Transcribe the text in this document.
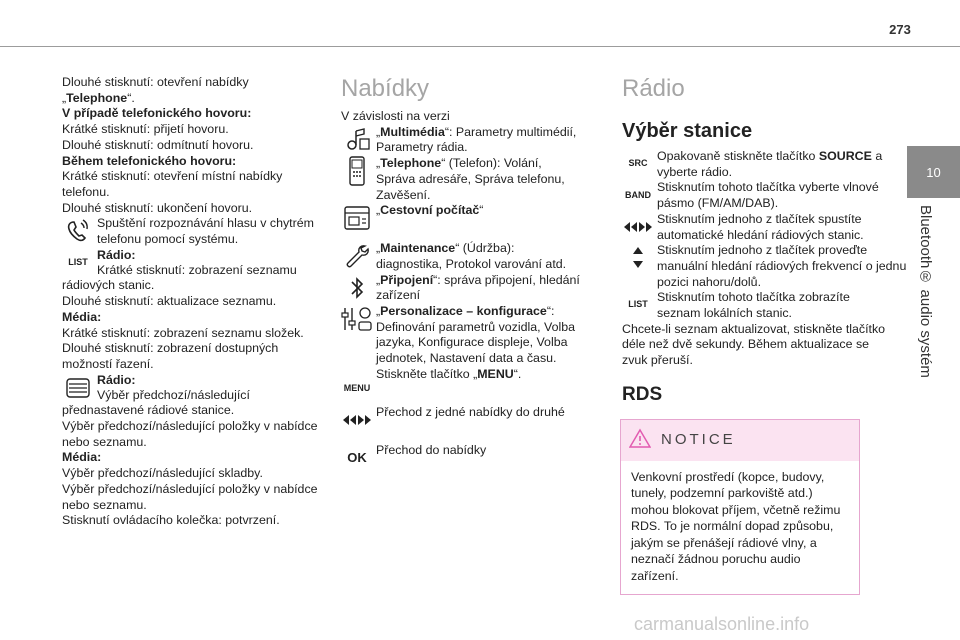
273
10
Bluetooth® audio systém

Dlouhé stisknutí: otevření nabídky „Telephone“.

V případě telefonického hovoru:

Krátké stisknutí: přijetí hovoru.

Dlouhé stisknutí: odmítnutí hovoru.

Během telefonického hovoru:

Krátké stisknutí: otevření místní nabídky telefonu.

Dlouhé stisknutí: ukončení hovoru.

Spuštění rozpoznávání hlasu v chytrém telefonu pomocí systému.

LIST

Rádio:

Krátké stisknutí: zobrazení seznamu rádiových stanic.

Dlouhé stisknutí: aktualizace seznamu.

Média:

Krátké stisknutí: zobrazení seznamu složek.

Dlouhé stisknutí: zobrazení dostupných možností řazení.

Rádio:

Výběr předchozí/následující přednastavené rádiové stanice.

Výběr předchozí/následující položky v nabídce nebo seznamu.

Média:

Výběr předchozí/následující skladby.

Výběr předchozí/následující položky v nabídce nebo seznamu.

Stisknutí ovládacího kolečka: potvrzení.

Nabídky

V závislosti na verzi

„Multimédia“: Parametry multimédií, Parametry rádia.

„Telephone“ (Telefon): Volání, Správa adresáře, Správa telefonu, Zavěšení.

„Cestovní počítač“

„Maintenance“ (Údržba): diagnostika, Protokol varování atd.

„Připojení“: správa připojení, hledání zařízení

„Personalizace – konfigurace“: Definování parametrů vozidla, Volba jazyka, Konfigurace displeje, Volba jednotek, Nastavení data a času.

MENU

Stiskněte tlačítko „MENU“.

Přechod z jedné nabídky do druhé

OK

Přechod do nabídky

Rádio
Výběr stanice
SRC

Opakovaně stiskněte tlačítko SOURCE a vyberte rádio.

BAND

Stisknutím tohoto tlačítka vyberte vlnové pásmo (FM/AM/DAB).

Stisknutím jednoho z tlačítek spustíte automatické hledání rádiových stanic.

Stisknutím jednoho z tlačítek proveďte manuální hledání rádiových frekvencí o jednu pozici nahoru/dolů.

LIST

Stisknutím tohoto tlačítka zobrazíte seznam lokálních stanic.

Chcete-li seznam aktualizovat, stiskněte tlačítko déle než dvě sekundy. Během aktualizace se zvuk přeruší.

RDS
NOTICE
Venkovní prostředí (kopce, budovy, tunely, podzemní parkoviště atd.) mohou blokovat příjem, včetně režimu RDS. To je normální dopad způsobu, jakým se přenášejí rádiové vlny, a neznačí žádnou poruchu audio zařízení.
carmanualsonline.info
